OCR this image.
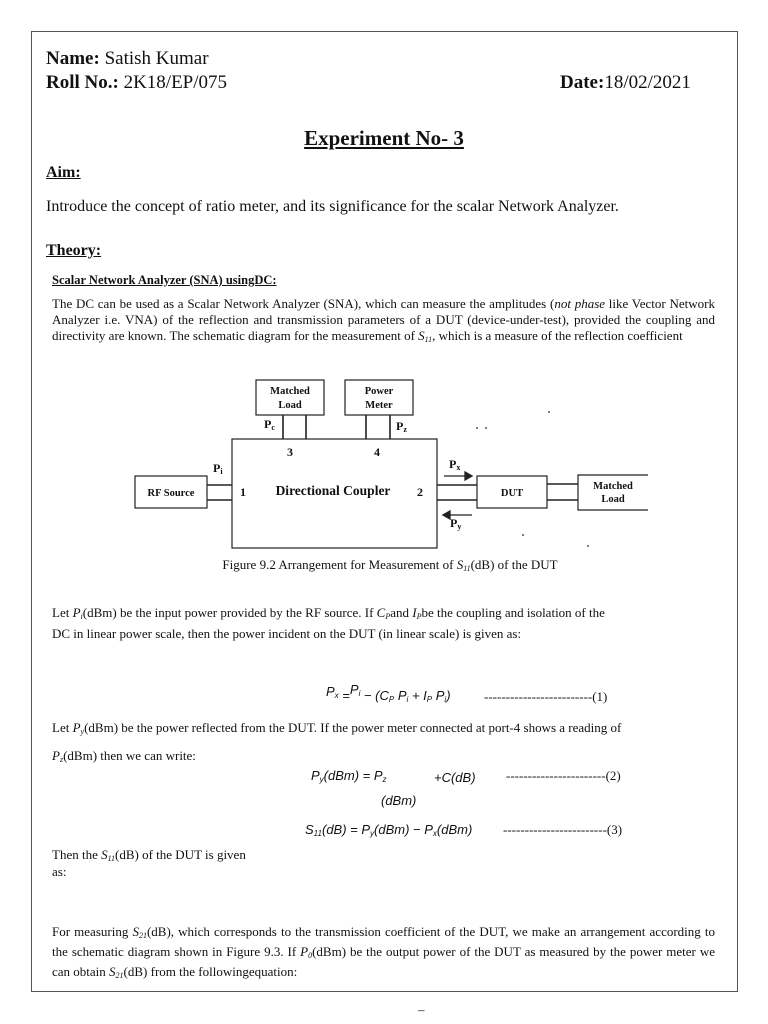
Name: Satish Kumar
Roll No.: 2K18/EP/075	Date:18/02/2021
Experiment No- 3
Aim:
Introduce the concept of ratio meter, and its significance for the scalar Network Analyzer.
Theory:
Scalar Network Analyzer (SNA) usingDC:
The DC can be used as a Scalar Network Analyzer (SNA), which can measure the amplitudes (not phase like Vector Network Analyzer i.e. VNA) of the reflection and transmission parameters of a DUT (device-under-test), provided the coupling and directivity are known. The schematic diagram for the measurement of $S_{11}$, which is a measure of the reflection coefficient
Matched
Load
Power
Meter
RF Source	DUT
Matched
Load
Directional Coupler
3	4
1	2
Pc	Pz
Pi
Px
Py
Figure 9.2 Arrangement for Measurement of $S_{11}(dB)$ of the DUT
Let $P_i(dBm)$ be the input power provided by the RF source. If $C_Pand$ $I_Pbe$ the coupling and isolation of the
DC in linear power scale, then the power incident on the DUT (in linear scale) is given as:
$P_x =P_i - (C_P$ $P_i + I_P$ $P_i$)	-------------------------(1)
Let $P_y(dBm)$ be the power reflected from the DUT. If the power meter connected at port-4 shows a reading of
$P_z(dBm)$ then we can write:
$P_y(dBm) = P_z$	+C(dB)
(dBm)
-----------------------(2)
$S_{11}(dB) = P_y(dBm) - P_x(dBm)$ ------------------------(3)
Then the $S_{11}(dB)$ of the DUT is given
as:
For measuring $S_{21}(dB)$, which corresponds to the transmission coefficient of the DUT, we make an arrangement according to the schematic diagram shown in Figure 9.3. If $P_0(dBm)$ be the output power of the DUT as measured by the power meter we can obtain $S_{21}(dB)$ from the followingequation:
–
